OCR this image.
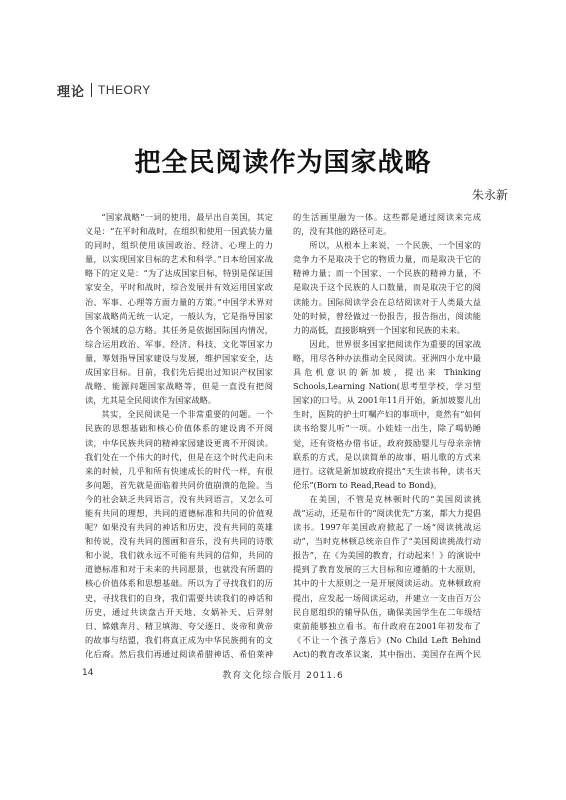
理论 THEORY
把全民阅读作为国家战略
朱永新

“国家战略”一词的使用，最早出自美国，其定义是：“在平时和战时，在组织和使用一国武装力量的同时，组织使用该国政治、经济、心理上的力量，以实现国家目标的艺术和科学。”日本给国家战略下的定义是：“为了达成国家目标，特别是保证国家安全，平时和战时，综合发展并有效运用国家政治、军事、心理等方面力量的方策。”中国学术界对国家战略尚无统一认定，一般认为，它是指导国家各个领域的总方略。其任务是依据国际国内情况，综合运用政治、军事、经济、科技、文化等国家力量，筹划指导国家建设与发展，维护国家安全，达成国家目标。目前，我们先后提出过知识产权国家战略、能源问题国家战略等，但是一直没有把阅读，尤其是全民阅读作为国家战略。

其实，全民阅读是一个非常重要的问题。一个民族的思想基础和核心价值体系的建设离不开阅读，中华民族共同的精神家园建设更离不开阅读。我们处在一个伟大的时代，但是在这个时代走向未来的时候，几乎和所有快速成长的时代一样，有很多问题，首先就是面临着共同价值崩溃的危险。当今的社会缺乏共同语言，没有共同语言，又怎么可能有共同的理想，共同的道德标准和共同的价值观呢？如果没有共同的神话和历史，没有共同的英雄和传说，没有共同的图画和音乐，没有共同的诗歌和小说，我们就永远不可能有共同的信仰，共同的道德标准和对于未来的共同愿景，也就没有所谓的核心价值体系和思想基础。所以为了寻找我们的历史，寻找我们的自身，我们需要共读我们的神话和历史，通过共读盘古开天地、女娲补天、后羿射日、嫦娥奔月、精卫填海、夸父逐日、炎帝和黄帝的故事与结盟，我们将真正成为中华民族拥有的文化后裔。然后我们再通过阅读希腊神话、希伯莱神

的生活画里融为一体。这些都是通过阅读来完成的，没有其他的路径可走。

所以，从根本上来说，一个民族、一个国家的竞争力不是取决于它的物质力量，而是取决于它的精神力量；而一个国家、一个民族的精神力量，不是取决于这个民族的人口数量，而是取决于它的阅读能力。国际阅读学会在总结阅读对于人类最大益处的时候，曾经做过一份报告，报告指出，阅读能力的高低，直接影响到一个国家和民族的未来。

因此，世界很多国家把阅读作为重要的国家战略，用尽各种办法推动全民阅读。亚洲四小龙中最具危机意识的新加坡，提出来 Thinking Schools,Learning Nation(思考型学校，学习型国家)的口号。从 2001年11月开始，新加坡婴儿出生时，医院的护士叮嘱产妇的事项中，竟然有“如何读书给婴儿听”一项。小娃娃一出生，除了喝奶睡觉，还有资格办借书证，政府鼓励婴儿与母亲亲情联系的方式，是以读简单的故事、唱儿歌的方式来进行。这就是新加坡政府提出“天生读书种，读书天伦乐”(Born to Read,Read to Bond)。

在美国，不管是克林顿时代的“美国阅读挑战”运动，还是布什的“阅读优先”方案，都大力提倡读书。1997年美国政府掀起了一场“阅读挑战运动”，当时克林顿总统亲自作了“美国阅读挑战行动报告”，在《为美国的教育，行动起来！》的演说中提到了教育发展的三大目标和应遵循的十大原则，其中的十大原则之一是开展阅读运动。克林顿政府提出，应发起一场阅读运动，并建立一支由百万公民自愿组织的辅导队伍，确保美国学生在二年级结束前能够独立看书。布什政府在2001年初发布了《不让一个孩子落后》(No Child Left Behind Act)的教育改革议案，其中指出，美国存在两个民

14	教育文化综合版月 2011.6
